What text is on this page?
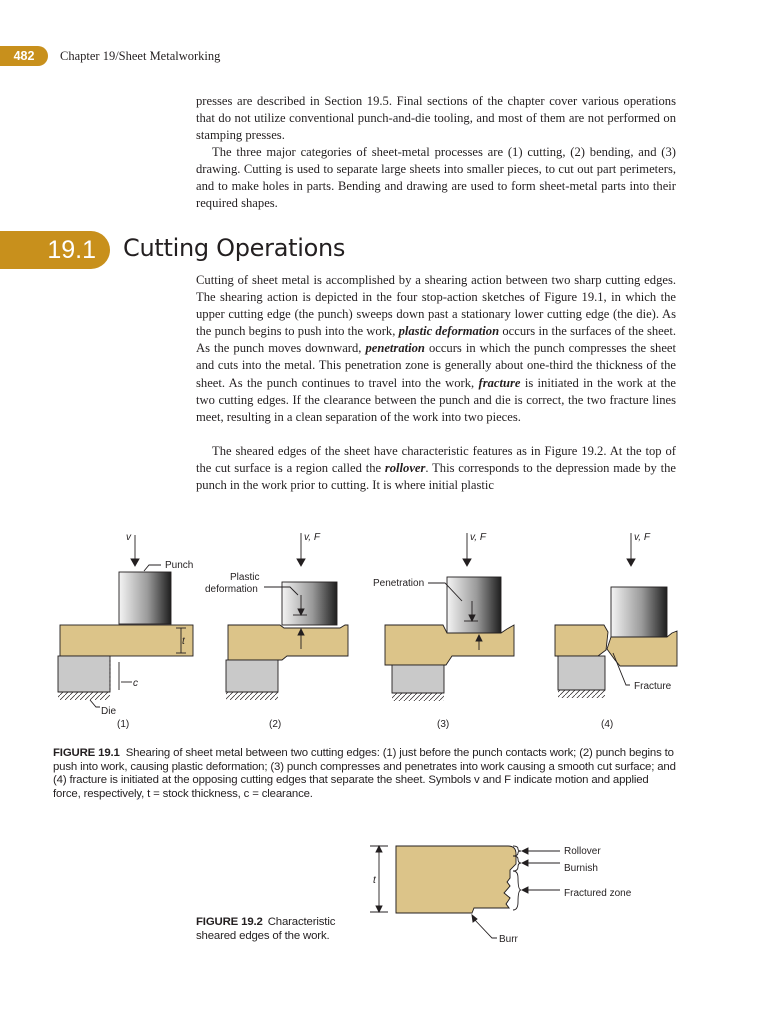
482	Chapter 19/Sheet Metalworking

presses are described in Section 19.5. Final sections of the chapter cover various operations that do not utilize conventional punch-and-die tooling, and most of them are not performed on stamping presses.

The three major categories of sheet-metal processes are (1) cutting, (2) bending, and (3) drawing. Cutting is used to separate large sheets into smaller pieces, to cut out part perimeters, and to make holes in parts. Bending and drawing are used to form sheet-metal parts into their required shapes.

19.1	Cutting Operations

Cutting of sheet metal is accomplished by a shearing action between two sharp cutting edges. The shearing action is depicted in the four stop-action sketches of Figure 19.1, in which the upper cutting edge (the punch) sweeps down past a stationary lower cutting edge (the die). As the punch begins to push into the work, plastic deformation occurs in the surfaces of the sheet. As the punch moves downward, penetration occurs in which the punch compresses the sheet and cuts into the metal. This penetration zone is generally about one-third the thickness of the sheet. As the punch continues to travel into the work, fracture is initiated in the work at the two cutting edges. If the clearance between the punch and die is correct, the two fracture lines meet, resulting in a clean separation of the work into two pieces.

The sheared edges of the sheet have characteristic features as in Figure 19.2. At the top of the cut surface is a region called the rollover. This corresponds to the depression made by the punch in the work prior to cutting. It is where initial plastic

v	v, F	v, F	v, F
Punch
Plastic
deformation
Penetration
t
c
Die
Fracture
(1)	(2)	(3)	(4)
FIGURE 19.1 Shearing of sheet metal between two cutting edges: (1) just before the punch contacts work; (2) punch begins to push into work, causing plastic deformation; (3) punch compresses and penetrates into work causing a smooth cut surface; and (4) fracture is initiated at the opposing cutting edges that separate the sheet. Symbols v and F indicate motion and applied force, respectively, t = stock thickness, c = clearance.
Rollover
Burnish
Fractured zone
Burr
t
FIGURE 19.2 Characteristic sheared edges of the work.
